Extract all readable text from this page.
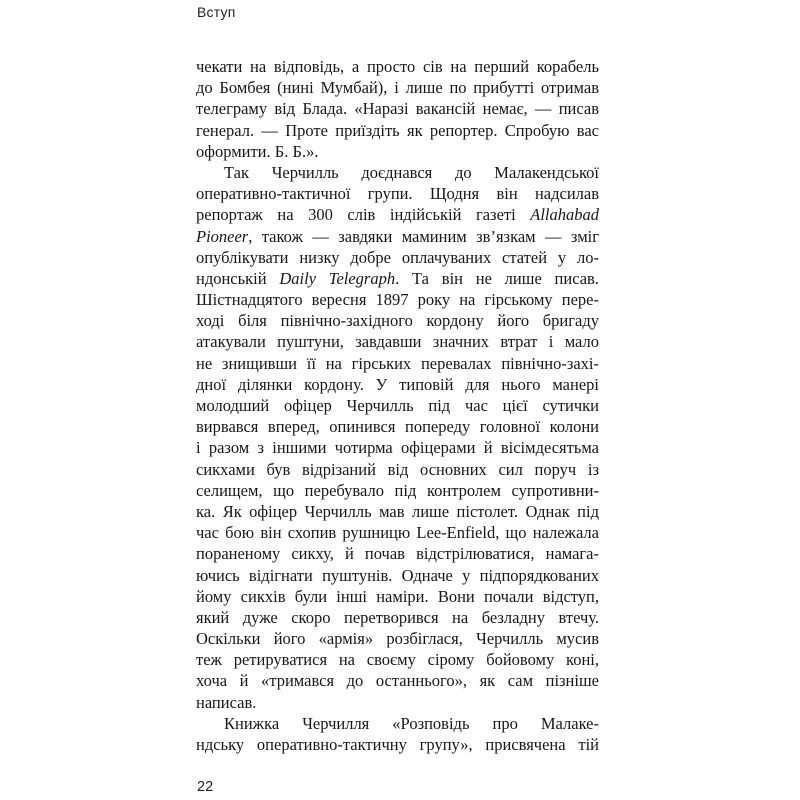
Вступ
чекати на відповідь, а просто сів на перший корабель
до Бомбея (нині Мумбай), і лише по прибутті отримав
телеграму від Блада. «Наразі вакансій немає, — писав
генерал. — Проте приїздіть як репортер. Спробую вас
оформити. Б. Б.».
Так Черчилль доєднався до Малакендської
оперативно-тактичної групи. Щодня він надсилав
репортаж на 300 слів індійській газеті Allahabad
Pioneer, також — завдяки маминим зв’язкам — зміг
опублікувати низку добре оплачуваних статей у ло-
ндонській Daily Telegraph. Та він не лише писав.
Шістнадцятого вересня 1897 року на гірському пере-
ході біля північно-західного кордону його бригаду
атакували пуштуни, завдавши значних втрат і мало
не знищивши її на гірських перевалах північно-захі-
дної ділянки кордону. У типовій для нього манері
молодший офіцер Черчилль під час цієї сутички
вирвався вперед, опинився попереду головної колони
і разом з іншими чотирма офіцерами й вісімдесятьма
сикхами був відрізаний від основних сил поруч із
селищем, що перебувало під контролем супротивни-
ка. Як офіцер Черчилль мав лише пістолет. Однак під
час бою він схопив рушницю Lee-Enfield, що належала
пораненому сикху, й почав відстрілюватися, намага-
ючись відігнати пуштунів. Одначе у підпорядкованих
йому сикхів були інші наміри. Вони почали відступ,
який дуже скоро перетворився на безладну втечу.
Оскільки його «армія» розбіглася, Черчилль мусив
теж ретируватися на своєму сірому бойовому коні,
хоча й «тримався до останнього», як сам пізніше
написав.
Книжка Черчилля «Розповідь про Малаке-
ндську оперативно-тактичну групу», присвячена тій
22
